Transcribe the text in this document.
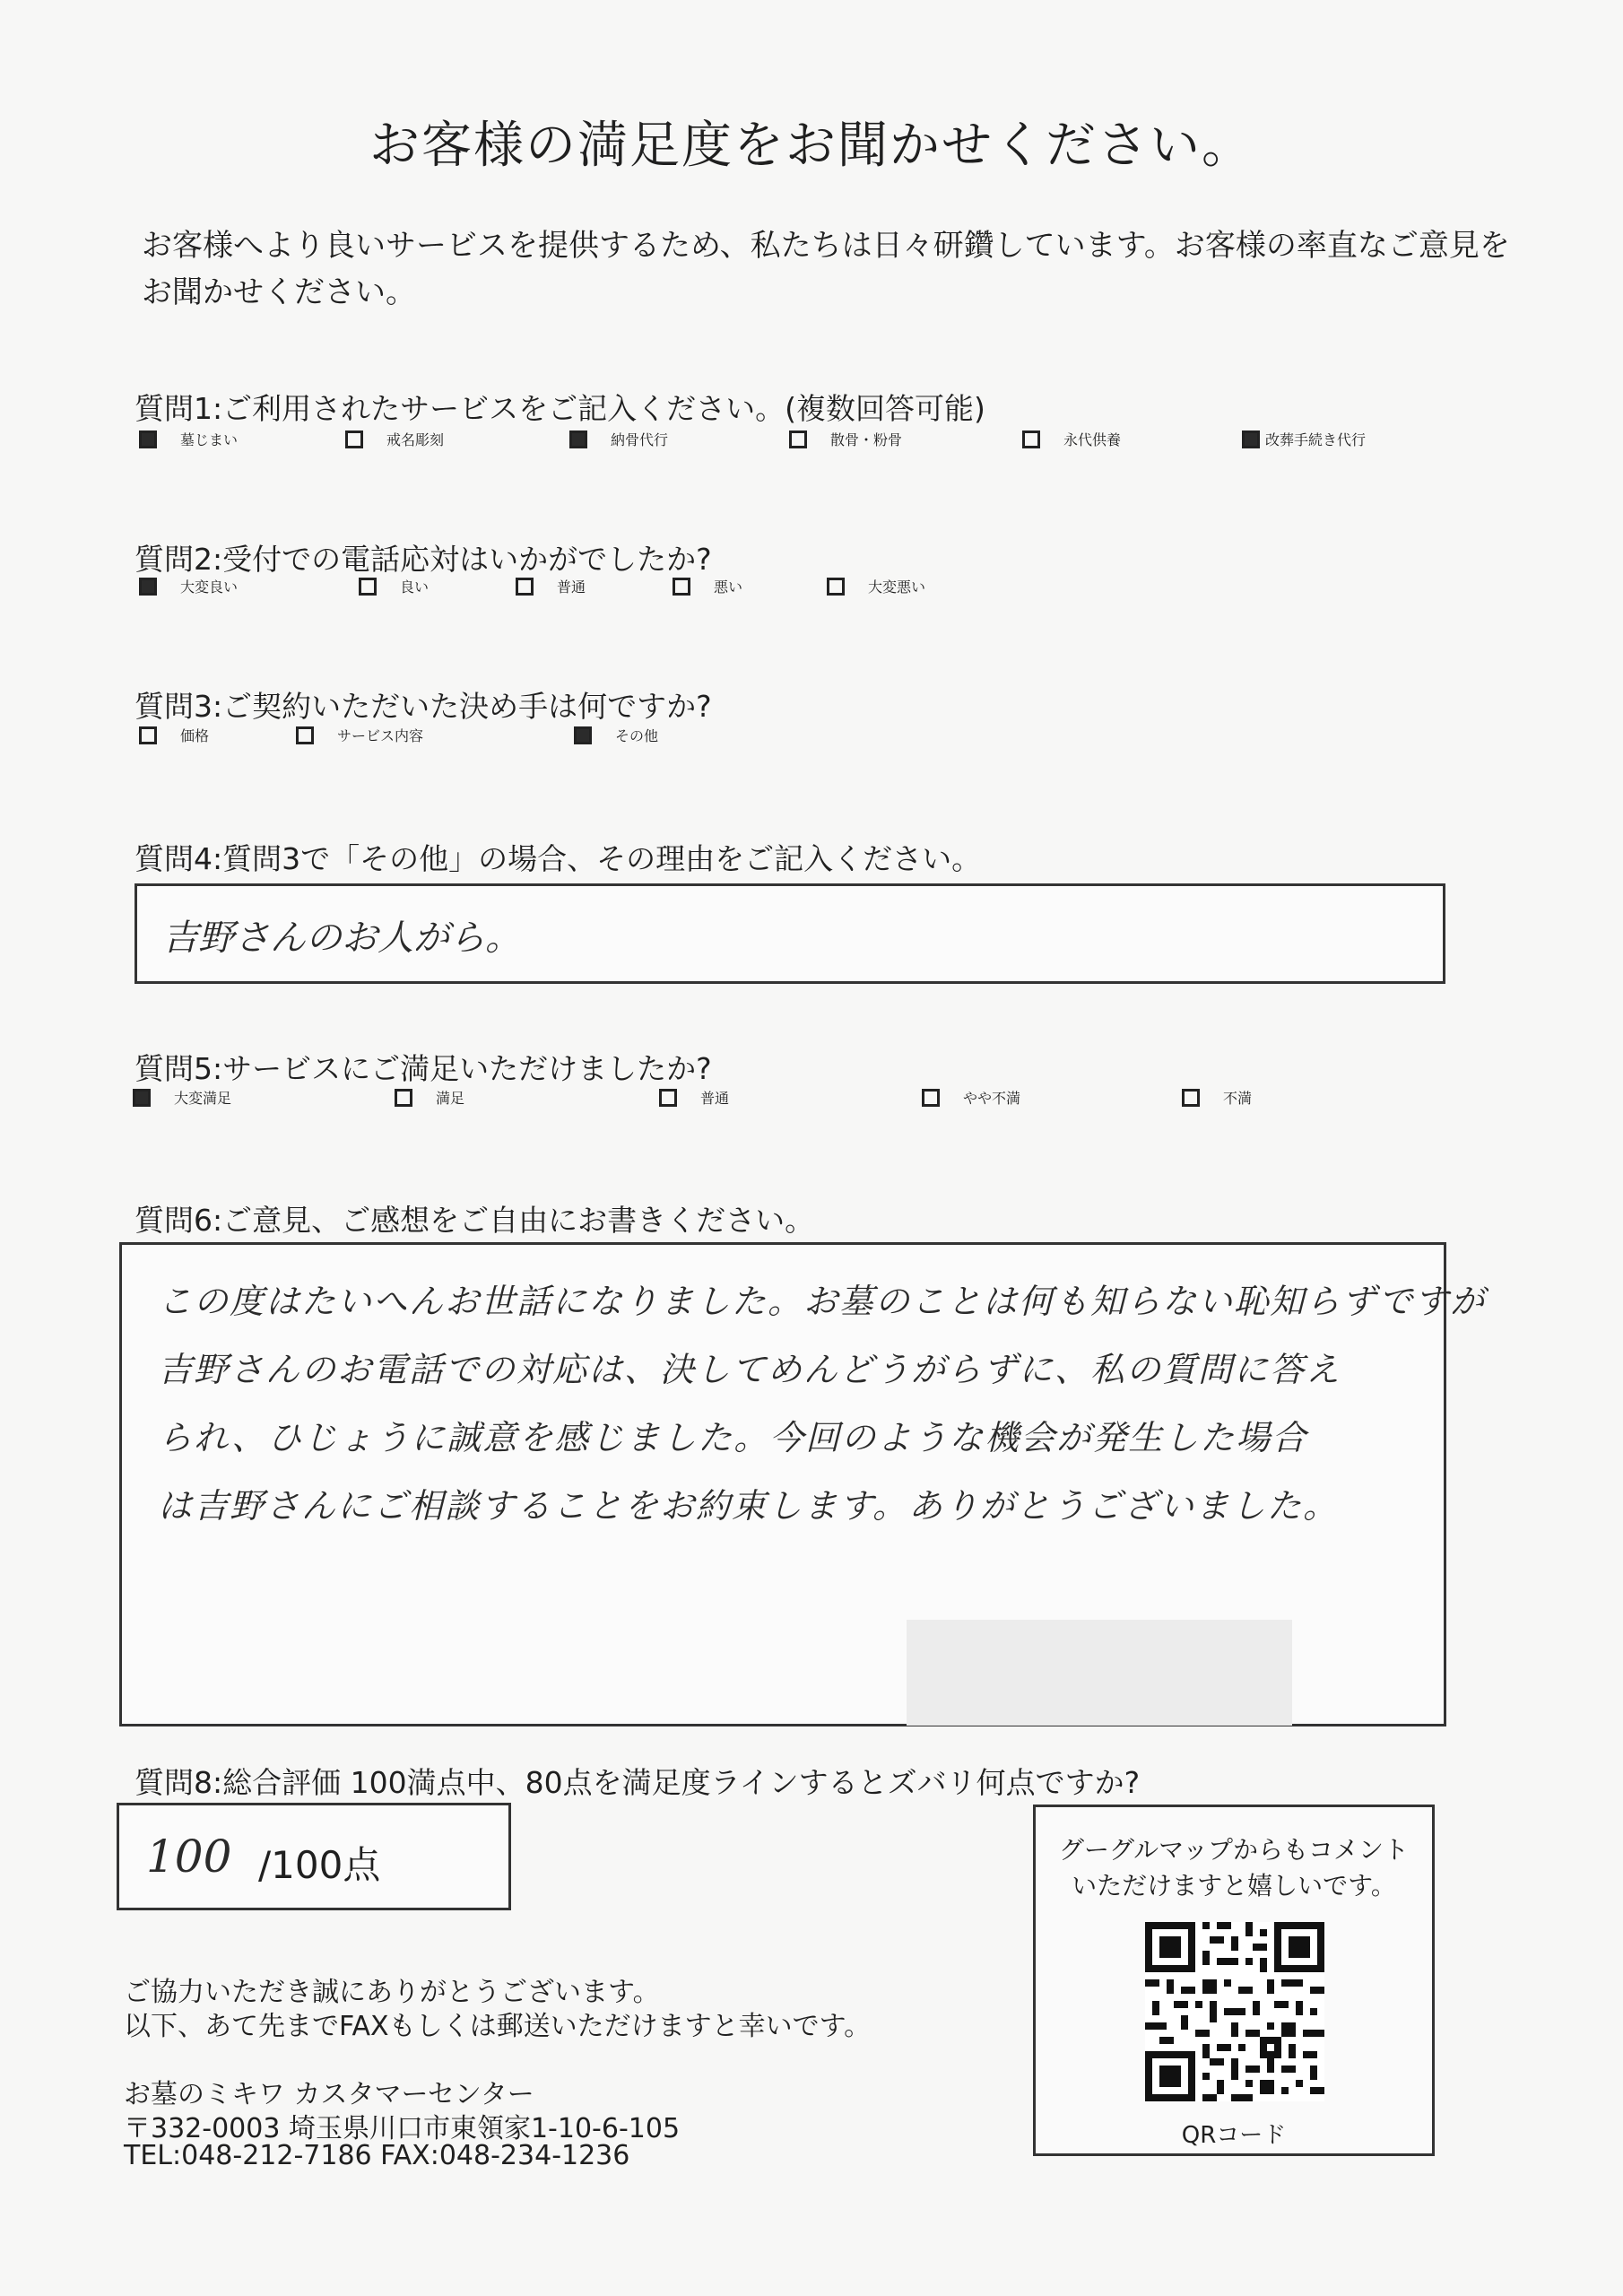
お客様の満足度をお聞かせください。
お客様へより良いサービスを提供するため、私たちは日々研鑽しています。お客様の率直なご意見をお聞かせください。
質問1:ご利用されたサービスをご記入ください。(複数回答可能)
墓じまい	戒名彫刻	納骨代行	散骨・粉骨	永代供養	改葬手続き代行
質問2:受付での電話応対はいかがでしたか?
大変良い	良い	普通	悪い	大変悪い
質問3:ご契約いただいた決め手は何ですか?
価格	サービス内容	その他
質問4:質問3で「その他」の場合、その理由をご記入ください。
吉野さんのお人がら。
質問5:サービスにご満足いただけましたか?
大変満足	満足	普通	やや不満	不満
質問6:ご意見、ご感想をご自由にお書きください。
この度はたいへんお世話になりました。お墓のことは何も知らない恥知らずですが
吉野さんのお電話での対応は、決してめんどうがらずに、私の質問に答え
られ、ひじょうに誠意を感じました。今回のような機会が発生した場合
は吉野さんにご相談することをお約束します。ありがとうございました。
質問8:総合評価 100満点中、80点を満足度ラインするとズバリ何点ですか?
100 /100点	グーグルマップからもコメント
いただけますと嬉しいです。
QRコード
ご協力いただき誠にありがとうございます。
以下、あて先までFAXもしくは郵送いただけますと幸いです。
お墓のミキワ カスタマーセンター
〒332-0003 埼玉県川口市東領家1-10-6-105
TEL:048-212-7186 FAX:048-234-1236
